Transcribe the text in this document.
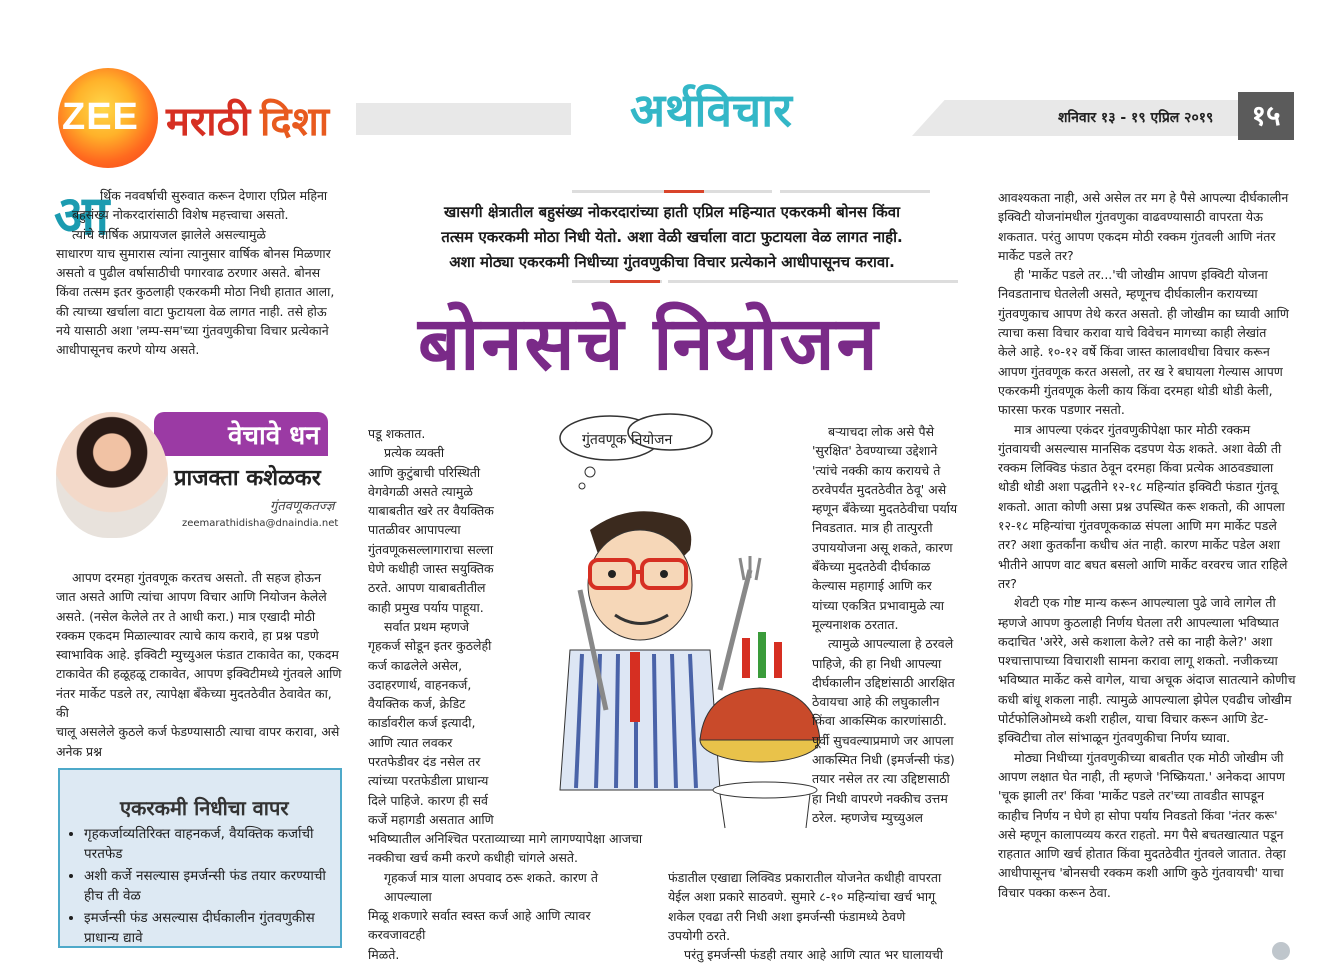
ZEE मराठी दिशा	अर्थविचार	शनिवार १३ - १९ एप्रिल २०१९	१५
खासगी क्षेत्रातील बहुसंख्य नोकरदारांच्या हाती एप्रिल महिन्यात एकरकमी बोनस किंवा
तत्सम एकरकमी मोठा निधी येतो. अशा वेळी खर्चाला वाटा फुटायला वेळ लागत नाही.
अशा मोठ्या एकरकमी निधीच्या गुंतवणुकीचा विचार प्रत्येकाने आधीपासूनच करावा.
बोनसचे नियोजन
आ
र्थिक नववर्षाची सुरुवात करून देणारा एप्रिल महिना
बहुसंख्य नोकरदारांसाठी विशेष महत्त्वाचा असतो.
त्यांचे वार्षिक अप्रायजल झालेले असल्यामुळे
साधारण याच सुमारास त्यांना त्यानुसार वार्षिक बोनस मिळणार
असतो व पुढील वर्षासाठीची पगारवाढ ठरणार असते. बोनस
किंवा तत्सम इतर कुठलाही एकरकमी मोठा निधी हातात आला,
की त्याच्या खर्चाला वाटा फुटायला वेळ लागत नाही. तसे होऊ
नये यासाठी अशा 'लम्प-सम'च्या गुंतवणुकीचा विचार प्रत्येकाने
आधीपासूनच करणे योग्य असते.
वेचावे धन
प्राजक्ता कशेळकर
गुंतवणूकतज्ज्ञ
zeemarathidisha@dnaindia.net
आपण दरमहा गुंतवणूक करतच असतो. ती सहज होऊन
जात असते आणि त्यांचा आपण विचार आणि नियोजन केलेले
असते. (नसेल केलेले तर ते आधी करा.) मात्र एखादी मोठी
रक्कम एकदम मिळाल्यावर त्याचे काय करावे, हा प्रश्न पडणे
स्वाभाविक आहे. इक्विटी म्युच्युअल फंडात टाकावेत का, एकदम
टाकावेत की हळूहळू टाकावेत, आपण इक्विटीमध्ये गुंतवले आणि
नंतर मार्केट पडले तर, त्यापेक्षा बँकेच्या मुदतठेवीत ठेवावेत का, की
चालू असलेले कुठले कर्ज फेडण्यासाठी त्याचा वापर करावा, असे
अनेक प्रश्न
एकरकमी निधीचा वापर
• गृहकर्जाव्यतिरिक्त वाहनकर्ज, वैयक्तिक कर्जाची परतफेड
• अशी कर्जे नसल्यास इमर्जन्सी फंड तयार करण्याची हीच ती वेळ
• इमर्जन्सी फंड असल्यास दीर्घकालीन गुंतवणुकीस प्राधान्य द्यावे
पडू शकतात.
प्रत्येक व्यक्ती
आणि कुटुंबाची परिस्थिती
वेगवेगळी असते त्यामुळे
याबाबतीत खरे तर वैयक्तिक
पातळीवर आपापल्या
गुंतवणूकसल्लागाराचा सल्ला
घेणे कधीही जास्त सयुक्तिक
ठरते. आपण याबाबतीतील
काही प्रमुख पर्याय पाहूया.
सर्वात प्रथम म्हणजे
गृहकर्ज सोडून इतर कुठलेही
कर्ज काढलेले असेल,
उदाहरणार्थ, वाहनकर्ज,
वैयक्तिक कर्ज, क्रेडिट
कार्डावरील कर्ज इत्यादी,
आणि त्यात लवकर
परतफेडीवर दंड नसेल तर
त्यांच्या परतफेडीला प्राधान्य
दिले पाहिजे. कारण ही सर्व
कर्जे महागडी असतात आणि
भविष्यातील अनिश्चित परताव्याच्या मागे लागण्यापेक्षा आजचा
नक्कीचा खर्च कमी करणे कधीही चांगले असते.
गृहकर्ज मात्र याला अपवाद ठरू शकते. कारण ते आपल्याला
मिळू शकणारे सर्वात स्वस्त कर्ज आहे आणि त्यावर करवजावटही
मिळते.
गुंतवणूक नियोजन
बऱ्याचदा लोक असे पैसे
'सुरक्षित' ठेवण्याच्या उद्देशाने
'त्यांचे नक्की काय करायचे ते
ठरवेपर्यंत मुदतठेवीत ठेवू' असे
म्हणून बँकेच्या मुदतठेवीचा पर्याय
निवडतात. मात्र ही तात्पुरती
उपाययोजना असू शकते, कारण
बँकेच्या मुदतठेवी दीर्घकाळ
केल्यास महागाई आणि कर
यांच्या एकत्रित प्रभावामुळे त्या
मूल्यनाशक ठरतात.
त्यामुळे आपल्याला हे ठरवले
पाहिजे, की हा निधी आपल्या
दीर्घकालीन उद्दिष्टांसाठी आरक्षित
ठेवायचा आहे की लघुकालीन
किंवा आकस्मिक कारणांसाठी.
पूर्वी सुचवल्याप्रमाणे जर आपला
आकस्मित निधी (इमर्जन्सी फंड)
तयार नसेल तर त्या उद्दिष्टासाठी
हा निधी वापरणे नक्कीच उत्तम
ठरेल. म्हणजेच म्युच्युअल
फंडातील एखाद्या लिक्विड प्रकारातील योजनेत कधीही वापरता
येईल अशा प्रकारे साठवणे. सुमारे ८-१० महिन्यांचा खर्च भागू
शकेल एवढा तरी निधी अशा इमर्जन्सी फंडामध्ये ठेवणे
उपयोगी ठरते.
परंतु इमर्जन्सी फंडही तयार आहे आणि त्यात भर घालायची
आवश्यकता नाही, असे असेल तर मग हे पैसे आपल्या दीर्घकालीन
इक्विटी योजनांमधील गुंतवणुका वाढवण्यासाठी वापरता येऊ
शकतात. परंतु आपण एकदम मोठी रक्कम गुंतवली आणि नंतर
मार्केट पडले तर?
ही 'मार्केट पडले तर...'ची जोखीम आपण इक्विटी योजना
निवडतानाच घेतलेली असते, म्हणूनच दीर्घकालीन करायच्या
गुंतवणुकाच आपण तेथे करत असतो. ही जोखीम का घ्यावी आणि
त्याचा कसा विचार करावा याचे विवेचन मागच्या काही लेखांत
केले आहे. १०-१२ वर्षे किंवा जास्त कालावधीचा विचार करून
आपण गुंतवणूक करत असलो, तर ख रे बघायला गेल्यास आपण
एकरकमी गुंतवणूक केली काय किंवा दरमहा थोडी थोडी केली,
फारसा फरक पडणार नसतो.
मात्र आपल्या एकंदर गुंतवणुकीपेक्षा फार मोठी रक्कम
गुंतवायची असल्यास मानसिक दडपण येऊ शकते. अशा वेळी ती
रक्कम लिक्विड फंडात ठेवून दरमहा किंवा प्रत्येक आठवड्याला
थोडी थोडी अशा पद्धतीने १२-१८ महिन्यांत इक्विटी फंडात गुंतवू
शकतो. आता कोणी असा प्रश्न उपस्थित करू शकतो, की आपला
१२-१८ महिन्यांचा गुंतवणूककाळ संपला आणि मग मार्केट पडले
तर? अशा कुतर्कांना कधीच अंत नाही. कारण मार्केट पडेल अशा
भीतीने आपण वाट बघत बसलो आणि मार्केट वरवरच जात राहिले
तर?
शेवटी एक गोष्ट मान्य करून आपल्याला पुढे जावे लागेल ती
म्हणजे आपण कुठलाही निर्णय घेतला तरी आपल्याला भविष्यात
कदाचित 'अरेरे, असे कशाला केले? तसे का नाही केले?' अशा
पश्चात्तापाच्या विचाराशी सामना करावा लागू शकतो. नजीकच्या
भविष्यात मार्केट कसे वागेल, याचा अचूक अंदाज सातत्याने कोणीच
कधी बांधू शकला नाही. त्यामुळे आपल्याला झेपेल एवढीच जोखीम
पोर्टफोलिओमध्ये कशी राहील, याचा विचार करून आणि डेट-
इक्विटीचा तोल सांभाळून गुंतवणुकीचा निर्णय घ्यावा.
मोठ्या निधीच्या गुंतवणुकीच्या बाबतीत एक मोठी जोखीम जी
आपण लक्षात घेत नाही, ती म्हणजे 'निष्क्रियता.' अनेकदा आपण
'चूक झाली तर' किंवा 'मार्केट पडले तर'च्या तावडीत सापडून
काहीच निर्णय न घेणे हा सोपा पर्याय निवडतो किंवा 'नंतर करू'
असे म्हणून कालापव्यय करत राहतो. मग पैसे बचतखात्यात पडून
राहतात आणि खर्च होतात किंवा मुदतठेवीत गुंतवले जातात. तेव्हा
आधीपासूनच 'बोनसची रक्कम कशी आणि कुठे गुंतवायची' याचा
विचार पक्का करून ठेवा.
